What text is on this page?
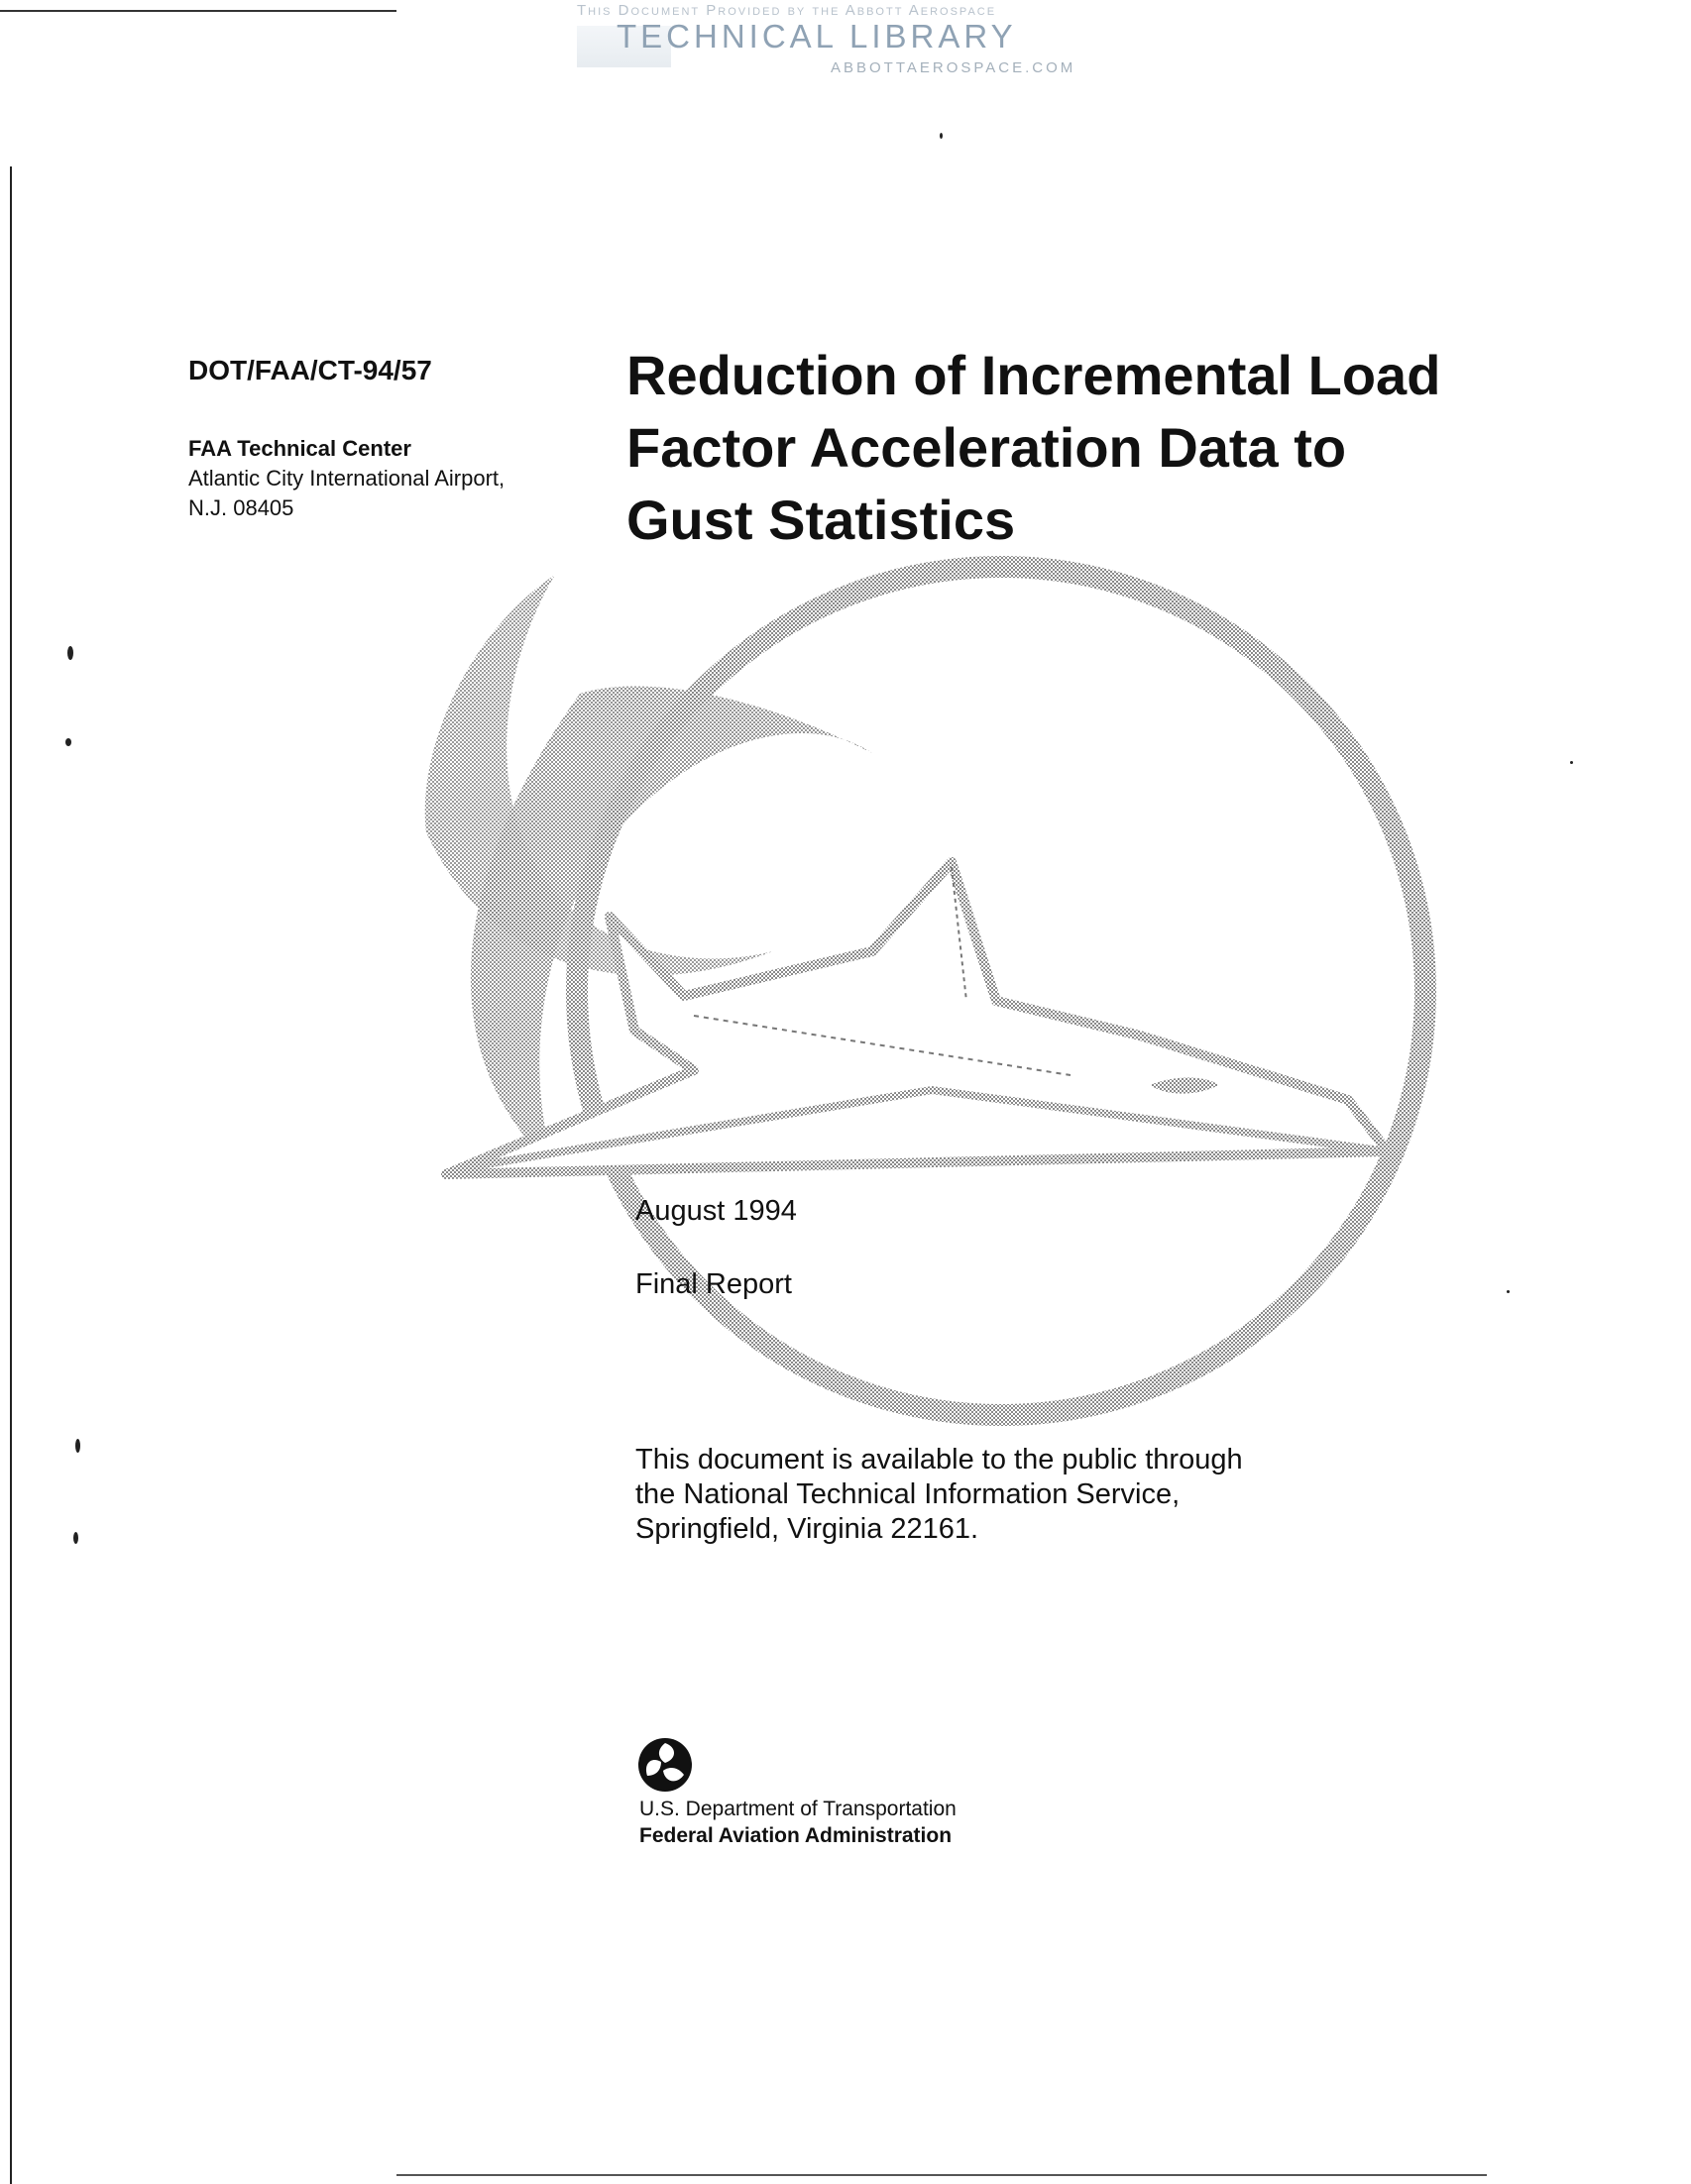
This Document Provided by the Abbott Aerospace
TECHNICAL LIBRARY
ABBOTTAEROSPACE.COM
DOT/FAA/CT-94/57
FAA Technical Center
Atlantic City International Airport,
N.J. 08405
Reduction of Incremental Load
Factor Acceleration Data to
Gust Statistics
August 1994
Final Report
This document is available to the public through the National Technical Information Service, Springfield, Virginia 22161.
U.S. Department of Transportation
Federal Aviation Administration
